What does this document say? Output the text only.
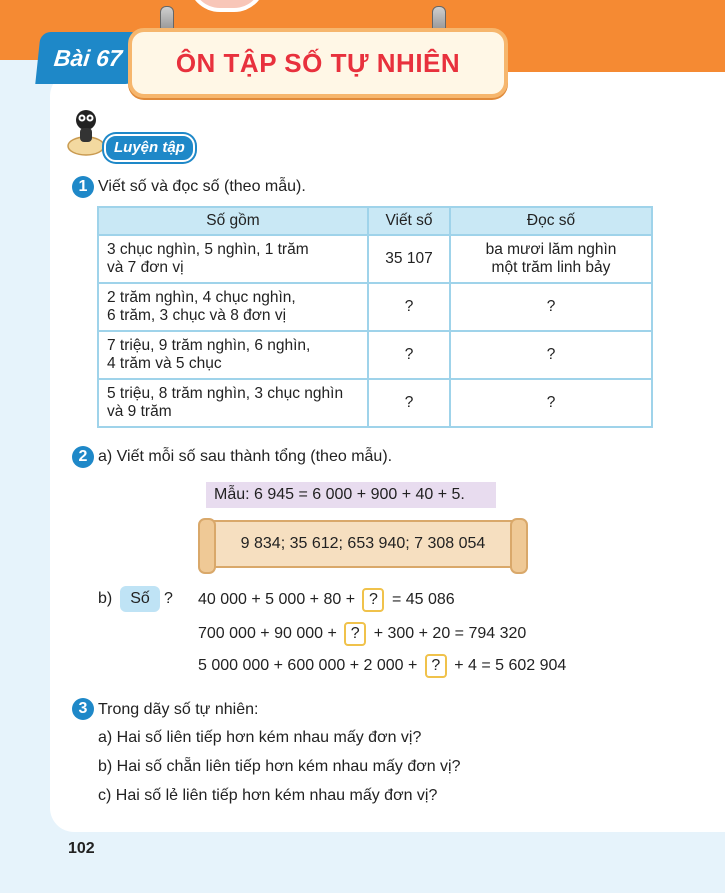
Bài 67	ÔN TẬP SỐ TỰ NHIÊN
Luyện tập
1 Viết số và đọc số (theo mẫu).
Số gồm	Viết số	Đọc số
3 chục nghìn, 5 nghìn, 1 trăm
và 7 đơn vị	35 107	ba mươi lăm nghìn
một trăm linh bảy
2 trăm nghìn, 4 chục nghìn,
6 trăm, 3 chục và 8 đơn vị	?	?
7 triệu, 9 trăm nghìn, 6 nghìn,
4 trăm và 5 chục	?	?
5 triệu, 8 trăm nghìn, 3 chục nghìn
và 9 trăm	?	?
2 a) Viết mỗi số sau thành tổng (theo mẫu).
Mẫu: 6 945 = 6 000 + 900 + 40 + 5.
9 834; 35 612; 653 940; 7 308 054
b)	Số ? 40 000 + 5 000 + 80 + ? = 45 086
700 000 + 90 000 + ? + 300 + 20 = 794 320
5 000 000 + 600 000 + 2 000 + ? + 4 = 5 602 904
3 Trong dãy số tự nhiên:
a) Hai số liên tiếp hơn kém nhau mấy đơn vị?
b) Hai số chẵn liên tiếp hơn kém nhau mấy đơn vị?
c) Hai số lẻ liên tiếp hơn kém nhau mấy đơn vị?
102
